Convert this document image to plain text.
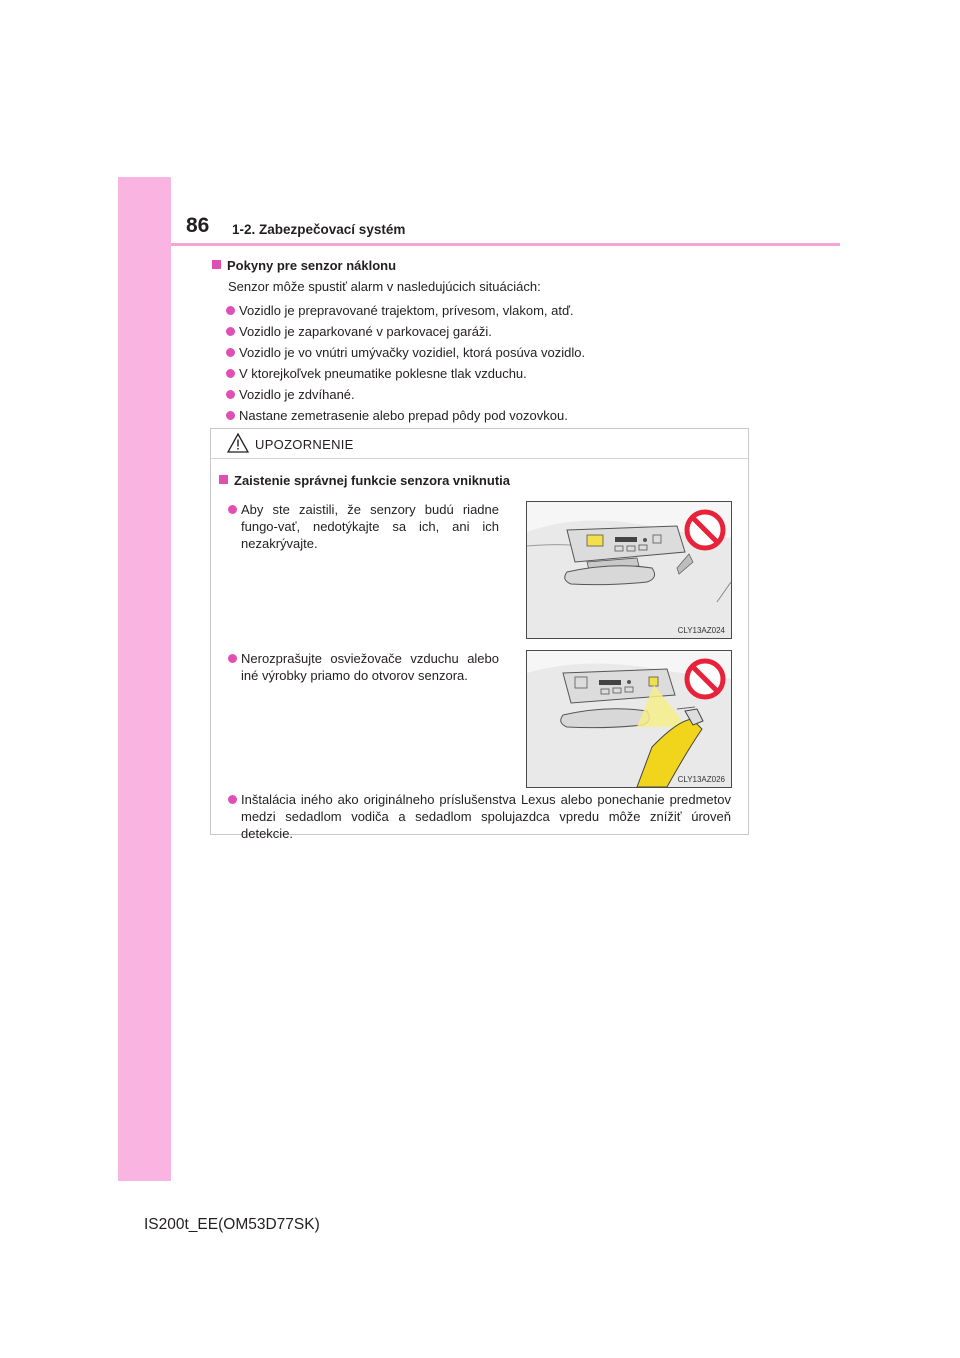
86 1-2. Zabezpečovací systém
Pokyny pre senzor náklonu
Senzor môže spustiť alarm v nasledujúcich situáciách:
Vozidlo je prepravované trajektom, prívesom, vlakom, atď.
Vozidlo je zaparkované v parkovacej garáži.
Vozidlo je vo vnútri umývačky vozidiel, ktorá posúva vozidlo.
V ktorejkoľvek pneumatike poklesne tlak vzduchu.
Vozidlo je zdvíhané.
Nastane zemetrasenie alebo prepad pôdy pod vozovkou.
UPOZORNENIE
Zaistenie správnej funkcie senzora vniknutia
Aby ste zaistili, že senzory budú riadne fungo-vať, nedotýkajte sa ich, ani ich nezakrývajte.
Nerozprašujte osviežovače vzduchu alebo iné výrobky priamo do otvorov senzora.
Inštalácia iného ako originálneho príslušenstva Lexus alebo ponechanie predmetov medzi sedadlom vodiča a sedadlom spolujazdca vpredu môže znížiť úroveň detekcie.
CLY13AZ024
CLY13AZ026
IS200t_EE(OM53D77SK)
